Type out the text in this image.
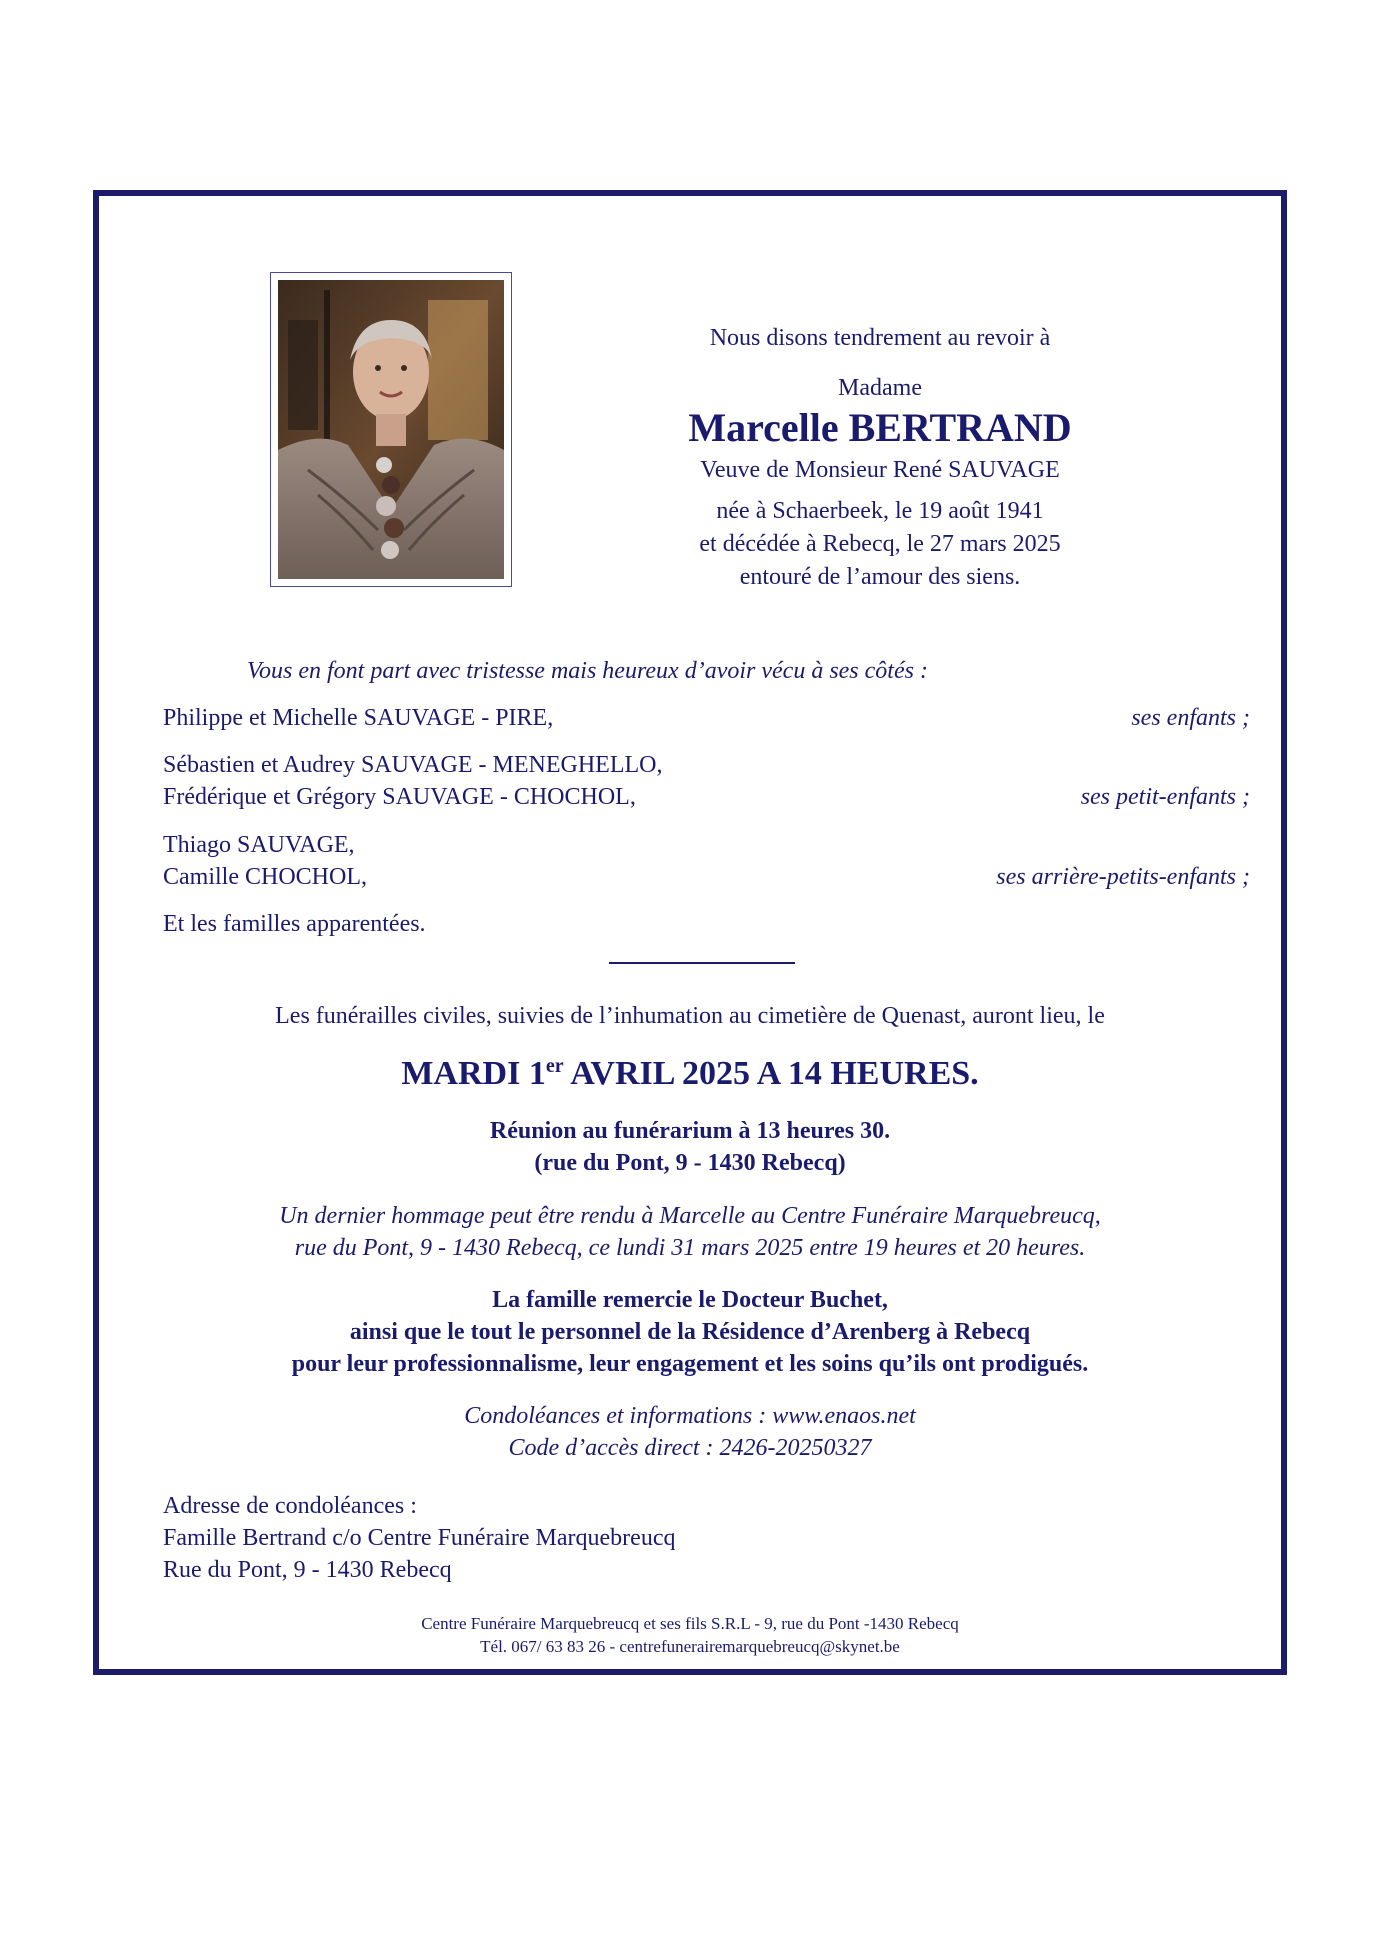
Nous disons tendrement au revoir à
Madame
Marcelle BERTRAND
Veuve de Monsieur René SAUVAGE
née à Schaerbeek, le 19 août 1941
et décédée à Rebecq, le 27 mars 2025
entouré de l’amour des siens.
Vous en font part avec tristesse mais heureux d’avoir vécu à ses côtés :
Philippe et Michelle SAUVAGE - PIRE,	ses enfants ;
Sébastien et Audrey SAUVAGE - MENEGHELLO,
Frédérique et Grégory SAUVAGE - CHOCHOL,	ses petit-enfants ;
Thiago SAUVAGE,
Camille CHOCHOL,	ses arrière-petits-enfants ;
Et les familles apparentées.
Les funérailles civiles, suivies de l’inhumation au cimetière de Quenast, auront lieu, le
MARDI 1er AVRIL 2025 A 14 HEURES.
Réunion au funérarium à 13 heures 30.
(rue du Pont, 9 - 1430 Rebecq)
Un dernier hommage peut être rendu à Marcelle au Centre Funéraire Marquebreucq,
rue du Pont, 9 - 1430 Rebecq, ce lundi 31 mars 2025 entre 19 heures et 20 heures.
La famille remercie le Docteur Buchet,
ainsi que le tout le personnel de la Résidence d’Arenberg à Rebecq
pour leur professionnalisme, leur engagement et les soins qu’ils ont prodigués.
Condoléances et informations : www.enaos.net
Code d’accès direct : 2426-20250327
Adresse de condoléances :
Famille Bertrand c/o Centre Funéraire Marquebreucq
Rue du Pont, 9 - 1430 Rebecq
Centre Funéraire Marquebreucq et ses fils S.R.L - 9, rue du Pont -1430 Rebecq
Tél. 067/ 63 83 26 - centrefunerairemarquebreucq@skynet.be
